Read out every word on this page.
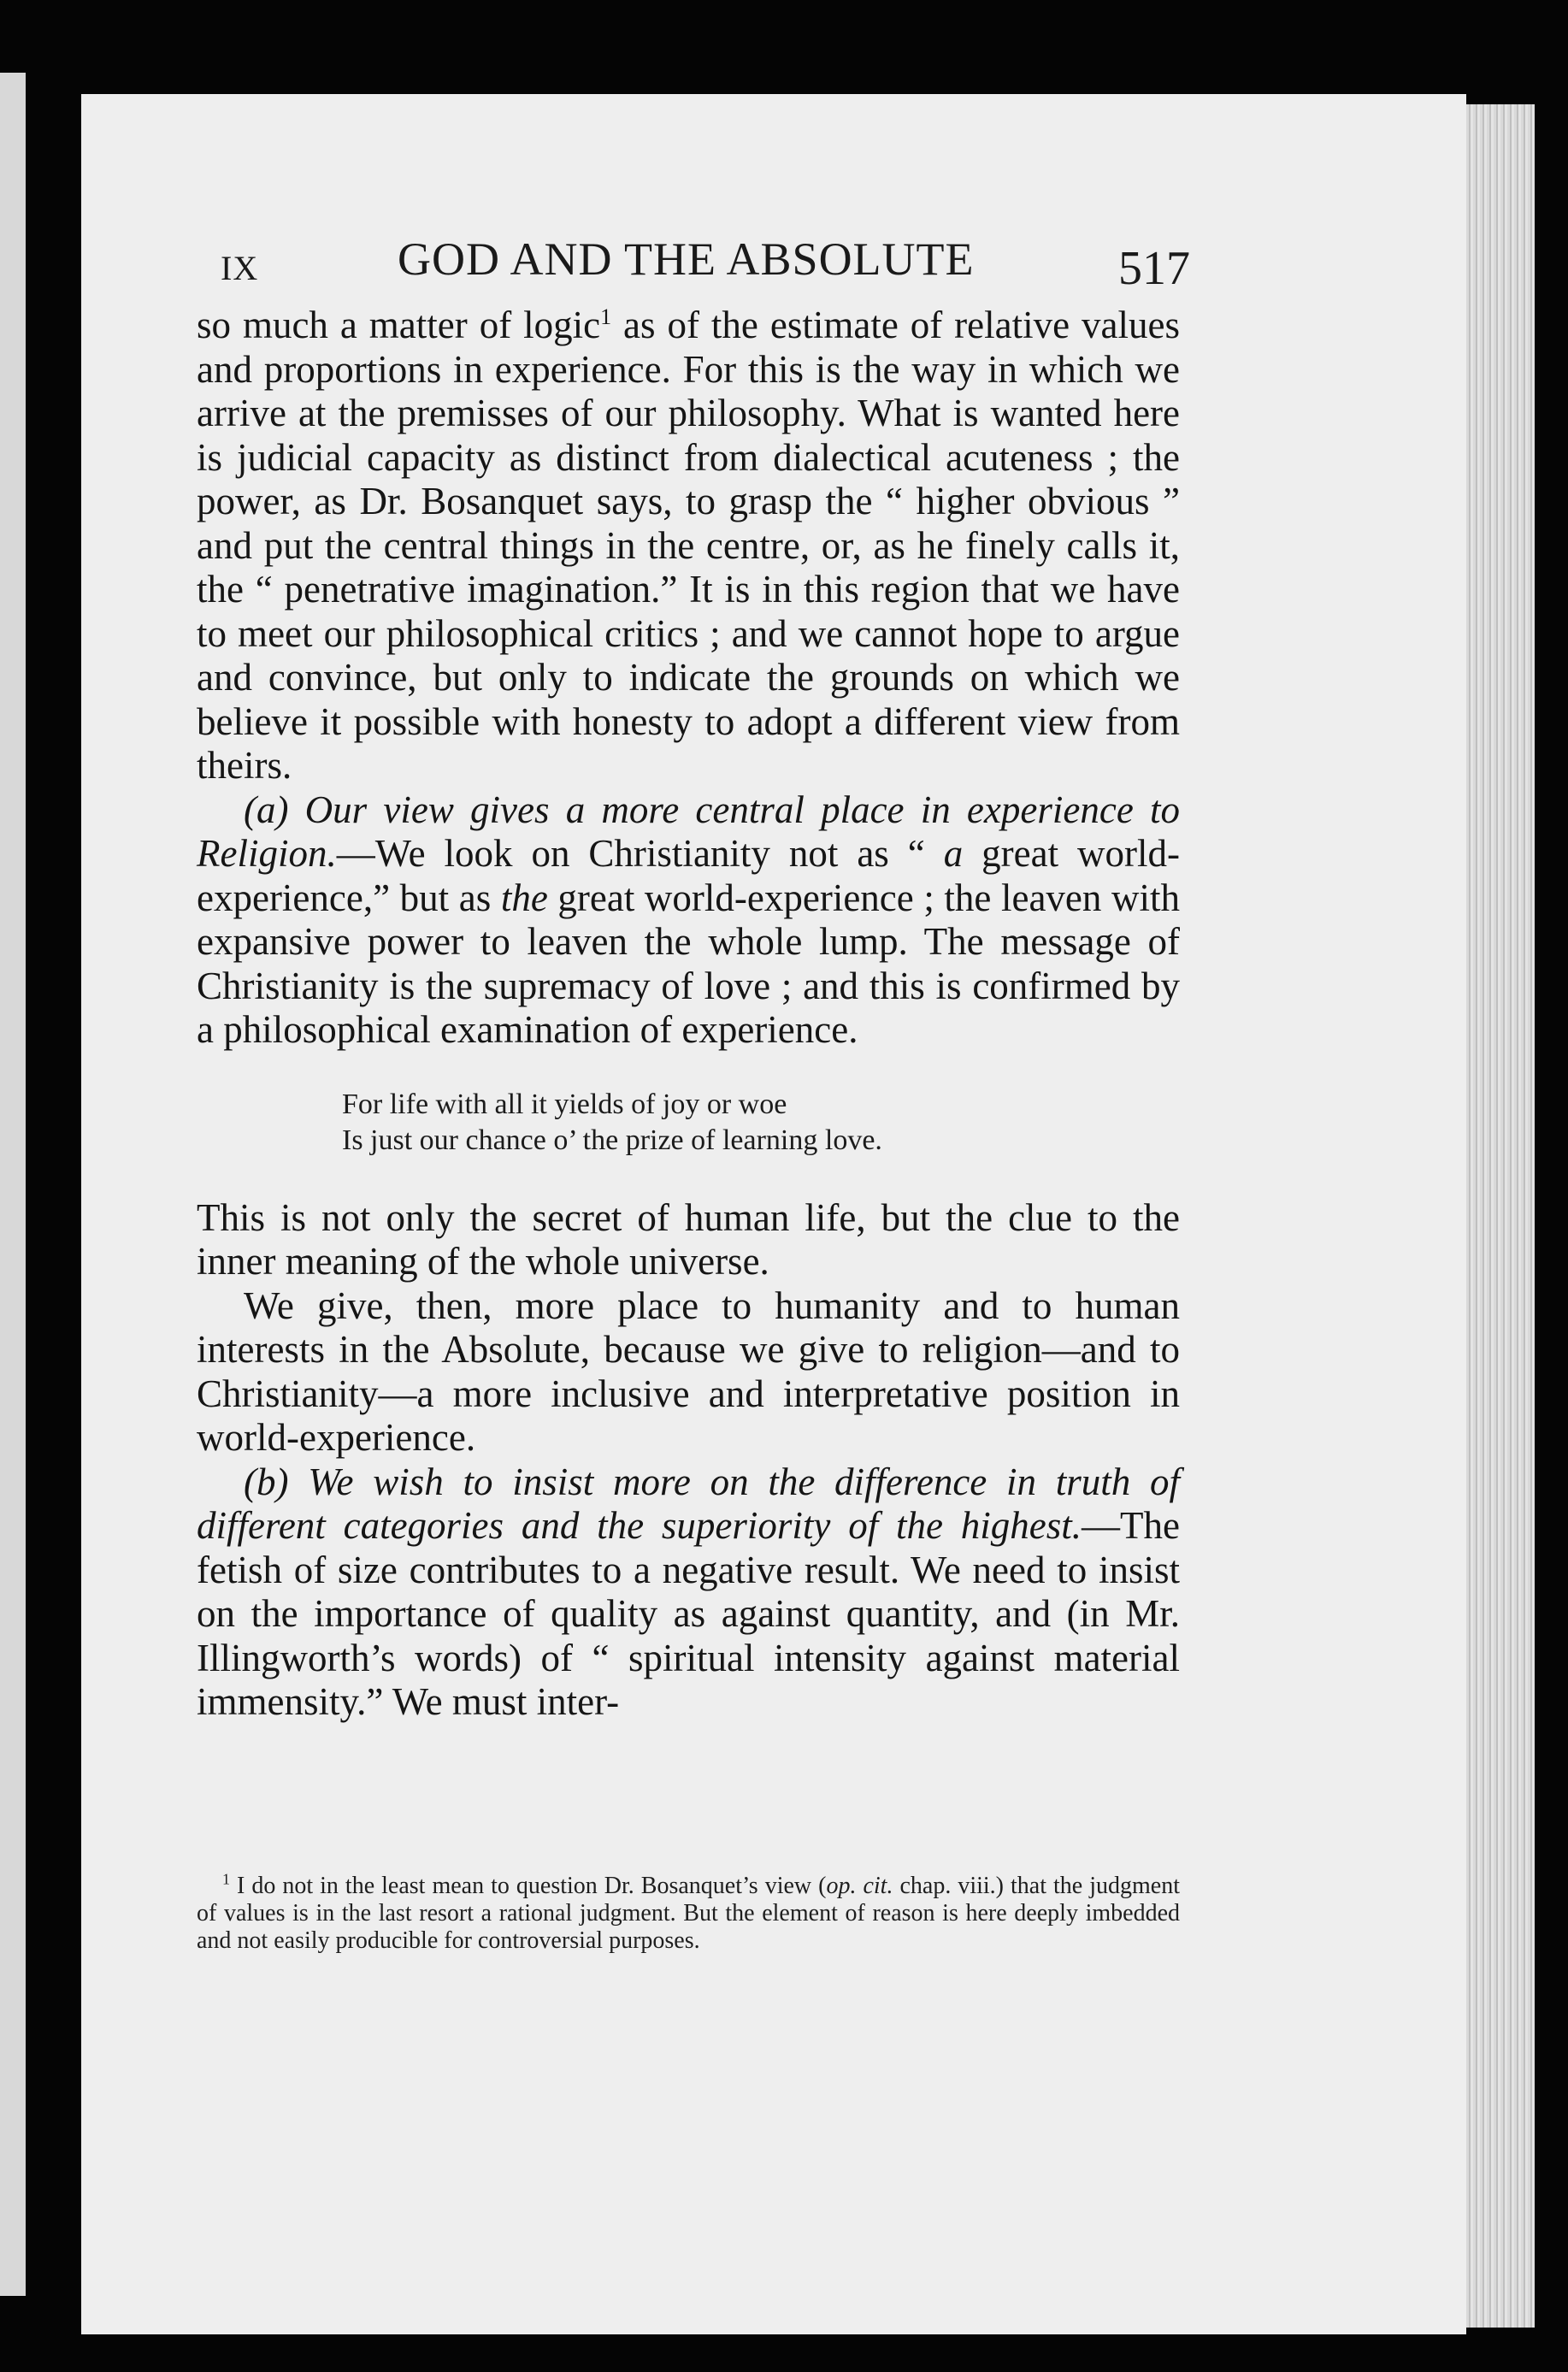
IX	GOD AND THE ABSOLUTE	517

so much a matter of logic$^1$ as of the estimate of relative values and proportions in experience. For this is the way in which we arrive at the premisses of our philosophy. What is wanted here is judicial capacity as distinct from dialectical acuteness ; the power, as Dr. Bosanquet says, to grasp the “ higher obvious ” and put the central things in the centre, or, as he finely calls it, the “ penetrative imagination.” It is in this region that we have to meet our philosophical critics ; and we cannot hope to argue and convince, but only to indicate the grounds on which we believe it possible with honesty to adopt a different view from theirs.

(a) Our view gives a more central place in experience to Religion.—We look on Christianity not as “ a great world-experience,” but as the great world-experience ; the leaven with expansive power to leaven the whole lump. The message of Christianity is the supremacy of love ; and this is confirmed by a philosophical examination of experience.

For life with all it yields of joy or woe
Is just our chance o’ the prize of learning love.

This is not only the secret of human life, but the clue to the inner meaning of the whole universe.

We give, then, more place to humanity and to human interests in the Absolute, because we give to religion—and to Christianity—a more inclusive and interpretative position in world-experience.

(b) We wish to insist more on the difference in truth of different categories and the superiority of the highest.—The fetish of size contributes to a negative result. We need to insist on the importance of quality as against quantity, and (in Mr. Illingworth’s words) of “ spiritual intensity against material immensity.” We must inter-

$^1$ I do not in the least mean to question Dr. Bosanquet’s view (op. cit. chap. viii.) that the judgment of values is in the last resort a rational judgment. But the element of reason is here deeply imbedded and not easily producible for controversial purposes.
